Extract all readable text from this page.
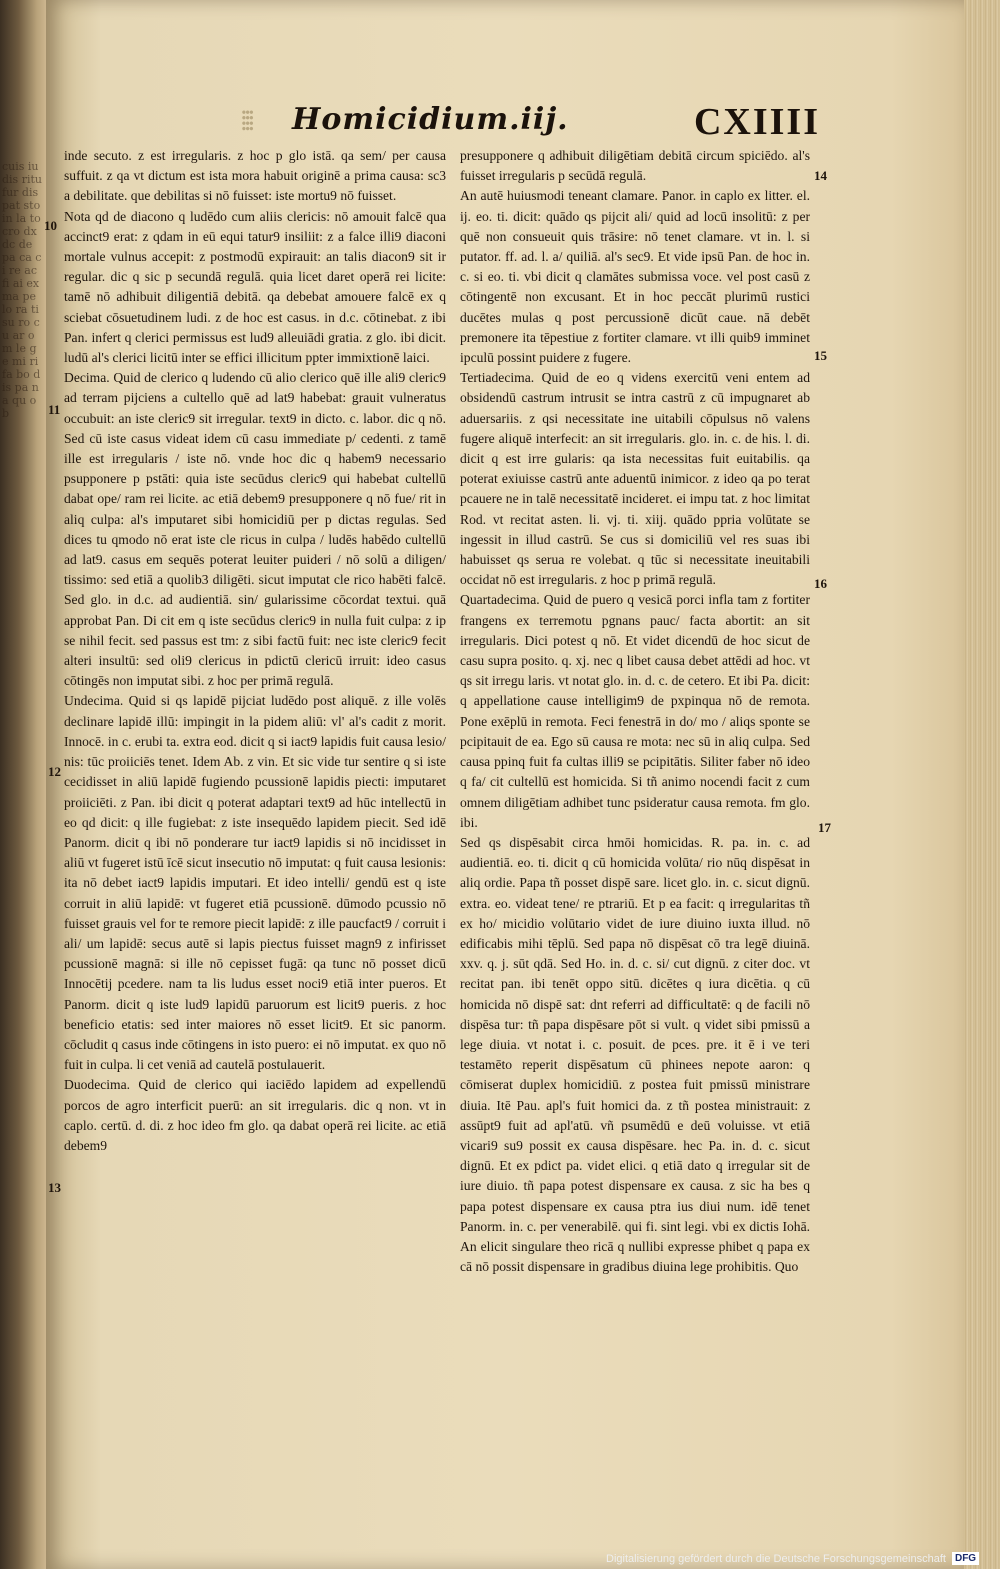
cuis iudis ritu fur dis pat sto in la to cro dx dc de pa ca ci re ac fi ai ex ma pe lo ra ti su ro cu ar om le ge mi ri fa bo dis pa na qu ob
⁞⁞⁞	Homicidium.iij.	CXIIII

inde secuto. z est irregularis. z hoc p glo istā. qa sem/ per causa suffuit. z qa vt dictum est ista mora habuit originē a prima causa: sc3 a debilitate. que debilitas si nō fuisset: iste mortu9 nō fuisset.

Nota qd de diacono q ludēdo cum aliis clericis: nō amouit falcē qua accinct9 erat: z qdam in eū equi tatur9 insiliit: z a falce illi9 diaconi mortale vulnus accepit: z postmodū expirauit: an talis diacon9 sit ir regular. dic q sic p secundā regulā. quia licet daret operā rei licite: tamē nō adhibuit diligentiā debitā. qa debebat amouere falcē ex q sciebat cōsuetudinem ludi. z de hoc est casus. in d.c. cōtinebat. z ibi Pan. infert q clerici permissus est lud9 alleuiādi gratia. z glo. ibi dicit. ludū al's clerici licitū inter se effici illicitum ppter immixtionē laici.

Decima. Quid de clerico q ludendo cū alio clerico quē ille ali9 cleric9 ad terram pijciens a cultello quē ad lat9 habebat: grauit vulneratus occubuit: an iste cleric9 sit irregular. text9 in dicto. c. labor. dic q nō. Sed cū iste casus videat idem cū casu immediate p/ cedenti. z tamē ille est irregularis / iste nō. vnde hoc dic q habem9 necessario psupponere p pstāti: quia iste secūdus cleric9 qui habebat cultellū dabat ope/ ram rei licite. ac etiā debem9 presupponere q nō fue/ rit in aliq culpa: al's imputaret sibi homicidiū per p dictas regulas. Sed dices tu qmodo nō erat iste cle ricus in culpa / ludēs habēdo cultellū ad lat9. casus em sequēs poterat leuiter puideri / nō solū a diligen/ tissimo: sed etiā a quolib3 diligēti. sicut imputat cle rico habēti falcē. Sed glo. in d.c. ad audientiā. sin/ gularissime cōcordat textui. quā approbat Pan. Di cit em q iste secūdus cleric9 in nulla fuit culpa: z ip se nihil fecit. sed passus est tm: z sibi factū fuit: nec iste cleric9 fecit alteri insultū: sed oli9 clericus in pdictū clericū irruit: ideo casus cōtingēs non imputat sibi. z hoc per primā regulā.

Undecima. Quid si qs lapidē pijciat ludēdo post aliquē. z ille volēs declinare lapidē illū: impingit in la pidem aliū: vl' al's cadit z morit. Innocē. in c. erubi ta. extra eod. dicit q si iact9 lapidis fuit causa lesio/ nis: tūc proiiciēs tenet. Idem Ab. z vin. Et sic vide tur sentire q si iste cecidisset in aliū lapidē fugiendo pcussionē lapidis piecti: imputaret proiiciēti. z Pan. ibi dicit q poterat adaptari text9 ad hūc intellectū in eo qd dicit: q ille fugiebat: z iste insequēdo lapidem piecit. Sed idē Panorm. dicit q ibi nō ponderare tur iact9 lapidis si nō incidisset in aliū vt fugeret istū īcē sicut insecutio nō imputat: q fuit causa lesionis: ita nō debet iact9 lapidis imputari. Et ideo intelli/ gendū est q iste corruit in aliū lapidē: vt fugeret etiā pcussionē. dūmodo pcussio nō fuisset grauis vel for te remore piecit lapidē: z ille paucfact9 / corruit i ali/ um lapidē: secus autē si lapis piectus fuisset magn9 z infirisset pcussionē magnā: si ille nō cepisset fugā: qa tunc nō posset dicū Innocētij pcedere. nam ta lis ludus esset noci9 etiā inter pueros. Et Panorm. dicit q iste lud9 lapidū paruorum est licit9 pueris. z hoc beneficio etatis: sed inter maiores nō esset licit9. Et sic panorm. cōcludit q casus inde cōtingens in isto puero: ei nō imputat. ex quo nō fuit in culpa. li cet veniā ad cautelā postulauerit.

Duodecima. Quid de clerico qui iaciēdo lapidem ad expellendū porcos de agro interficit puerū: an sit irregularis. dic q non. vt in caplo. certū. d. di. z hoc ideo fm glo. qa dabat operā rei licite. ac etiā debem9

presupponere q adhibuit diligētiam debitā circum spiciēdo. al's fuisset irregularis p secūdā regulā.

An autē huiusmodi teneant clamare. Panor. in caplo ex litter. el. ij. eo. ti. dicit: quādo qs pijcit ali/ quid ad locū insolitū: z per quē non consueuit quis trāsire: nō tenet clamare. vt in. l. si putator. ff. ad. l. a/ quiliā. al's sec9. Et vide ipsū Pan. de hoc in. c. si eo. ti. vbi dicit q clamātes submissa voce. vel post casū z cōtingentē non excusant. Et in hoc peccāt plurimū rustici ducētes mulas q post percussionē dicūt caue. nā debēt premonere ita tēpestiue z fortiter clamare. vt illi quib9 imminet ipculū possint puidere z fugere.

Tertiadecima. Quid de eo q videns exercitū veni entem ad obsidendū castrum intrusit se intra castrū z cū impugnaret ab aduersariis. z qsi necessitate ine uitabili cōpulsus nō valens fugere aliquē interfecit: an sit irregularis. glo. in. c. de his. l. di. dicit q est irre gularis: qa ista necessitas fuit euitabilis. qa poterat exiuisse castrū ante aduentū inimicor. z ideo qa po terat pcauere ne in talē necessitatē incideret. ei impu tat. z hoc limitat Rod. vt recitat asten. li. vj. ti. xiij. quādo ppria volūtate se ingessit in illud castrū. Se cus si domiciliū vel res suas ibi habuisset qs serua re volebat. q tūc si necessitate ineuitabili occidat nō est irregularis. z hoc p primā regulā.

Quartadecima. Quid de puero q vesicā porci infla tam z fortiter frangens ex terremotu pgnans pauc/ facta abortit: an sit irregularis. Dici potest q nō. Et videt dicendū de hoc sicut de casu supra posito. q. xj. nec q libet causa debet attēdi ad hoc. vt qs sit irregu laris. vt notat glo. in. d. c. de cetero. Et ibi Pa. dicit: q appellatione cause intelligim9 de pxpinqua nō de remota. Pone exēplū in remota. Feci fenestrā in do/ mo / aliqs sponte se pcipitauit de ea. Ego sū causa re mota: nec sū in aliq culpa. Sed causa ppinq fuit fa cultas illi9 se pcipitātis. Siliter faber nō ideo q fa/ cit cultellū est homicida. Si tñ animo nocendi facit z cum omnem diligētiam adhibet tunc psideratur causa remota. fm glo. ibi.

Sed qs dispēsabit circa hmōi homicidas. R. pa. in. c. ad audientiā. eo. ti. dicit q cū homicida volūta/ rio nūq dispēsat in aliq ordie. Papa tñ posset dispē sare. licet glo. in. c. sicut dignū. extra. eo. videat tene/ re ptrariū. Et p ea facit: q irregularitas tñ ex ho/ micidio volūtario videt de iure diuino iuxta illud. nō edificabis mihi tēplū. Sed papa nō dispēsat cō tra legē diuinā. xxv. q. j. sūt qdā. Sed Ho. in. d. c. si/ cut dignū. z citer doc. vt recitat pan. ibi tenēt oppo sitū. dicētes q iura dicētia. q cū homicida nō dispē sat: dnt referri ad difficultatē: q de facili nō dispēsa tur: tñ papa dispēsare pōt si vult. q videt sibi pmissū a lege diuia. vt notat i. c. posuit. de pces. pre. it ē i ve teri testamēto reperit dispēsatum cū phinees nepote aaron: q cōmiserat duplex homicidiū. z postea fuit pmissū ministrare diuia. Itē Pau. apl's fuit homici da. z tñ postea ministrauit: z assūpt9 fuit ad apl'atū. vñ psumēdū e deū voluisse. vt etiā vicari9 su9 possit ex causa dispēsare. hec Pa. in. d. c. sicut dignū. Et ex pdict pa. videt elici. q etiā dato q irregular sit de iure diuio. tñ papa potest dispensare ex causa. z sic ha bes q papa potest dispensare ex causa ptra ius diui num. idē tenet Panorm. in. c. per venerabilē. qui fi. sint legi. vbi ex dictis Iohā. An elicit singulare theo ricā q nullibi expresse phibet q papa ex cā nō possit dispensare in gradibus diuina lege prohibitis. Quo

10
11
12
13
14
15
16
17
Digitalisierung gefördert durch die Deutsche Forschungsgemeinschaft DFG
